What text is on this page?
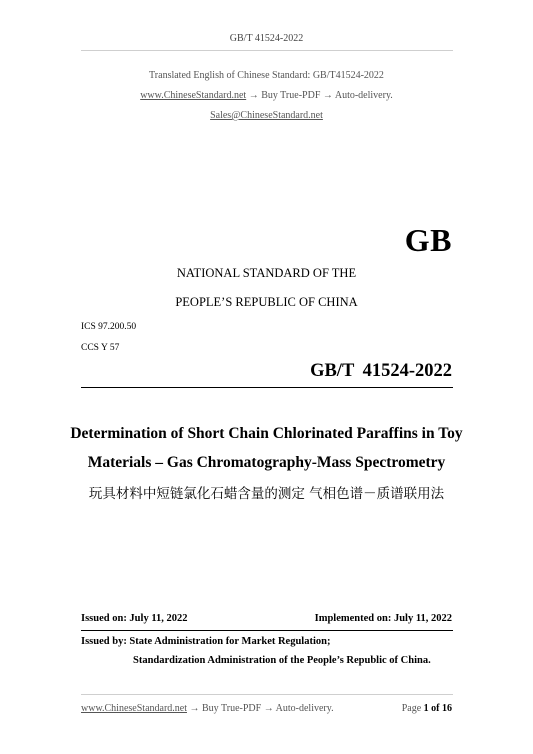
GB/T 41524-2022
Translated English of Chinese Standard: GB/T41524-2022
www.ChineseStandard.net → Buy True-PDF → Auto-delivery.
Sales@ChineseStandard.net
GB
NATIONAL STANDARD OF THE
PEOPLE’S REPUBLIC OF CHINA
ICS 97.200.50
CCS Y 57
GB/T 41524-2022
Determination of Short Chain Chlorinated Paraffins in Toy
Materials – Gas Chromatography-Mass Spectrometry
玩具材料中短链氯化石蜡含量的测定 气相色谱－质谱联用法
Issued on: July 11, 2022	Implemented on: July 11, 2022
Issued by: State Administration for Market Regulation;
Standardization Administration of the People’s Republic of China.
www.ChineseStandard.net → Buy True-PDF → Auto-delivery.	Page 1 of 16
